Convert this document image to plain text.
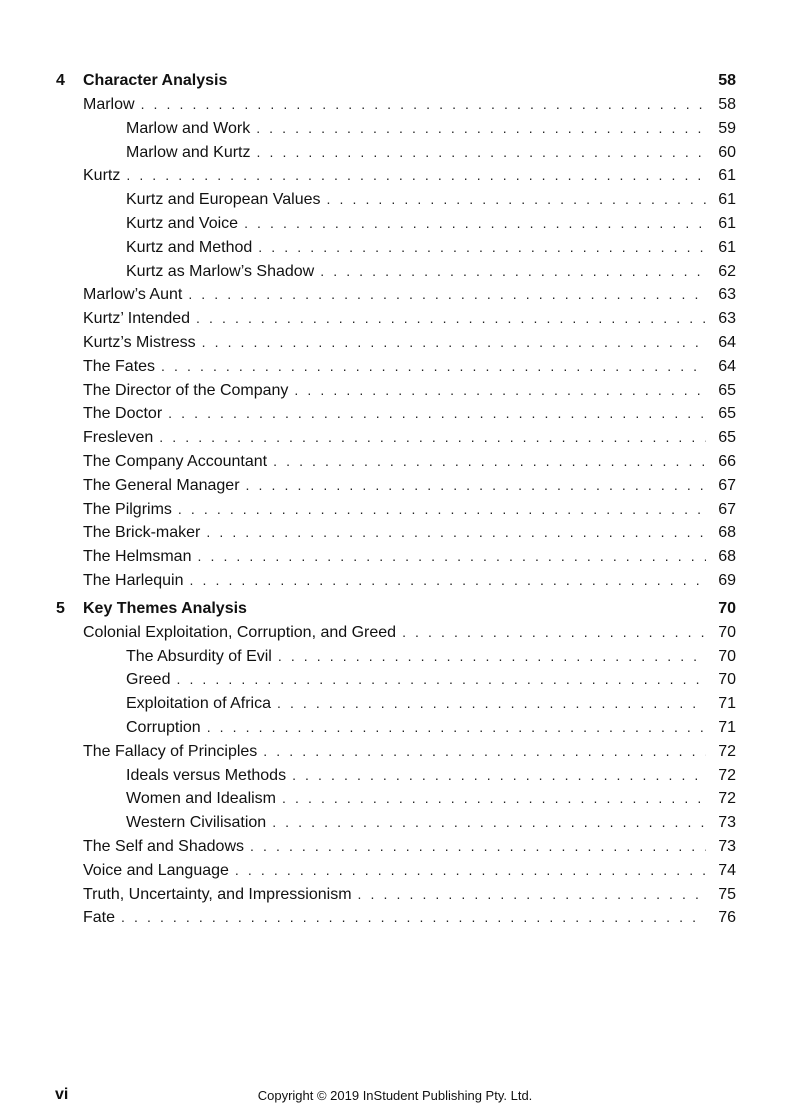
4 Character Analysis	58
Marlow . . .	58
Marlow and Work . . .	59
Marlow and Kurtz . . .	60
Kurtz . . .	61
Kurtz and European Values . . .	61
Kurtz and Voice . . .	61
Kurtz and Method . . .	61
Kurtz as Marlow’s Shadow . . .	62
Marlow’s Aunt . . .	63
Kurtz’ Intended . . .	63
Kurtz’s Mistress . . .	64
The Fates . . .	64
The Director of the Company . . .	65
The Doctor . . .	65
Fresleven . . .	65
The Company Accountant . . .	66
The General Manager . . .	67
The Pilgrims . . .	67
The Brick-maker . . .	68
The Helmsman . . .	68
The Harlequin . . .	69
5 Key Themes Analysis	70
Colonial Exploitation, Corruption, and Greed . . .	70
The Absurdity of Evil . . .	70
Greed . . .	70
Exploitation of Africa . . .	71
Corruption . . .	71
The Fallacy of Principles . . .	72
Ideals versus Methods . . .	72
Women and Idealism . . .	72
Western Civilisation . . .	73
The Self and Shadows . . .	73
Voice and Language . . .	74
Truth, Uncertainty, and Impressionism . . .	75
Fate . . .	76
vi	Copyright © 2019 InStudent Publishing Pty. Ltd.
